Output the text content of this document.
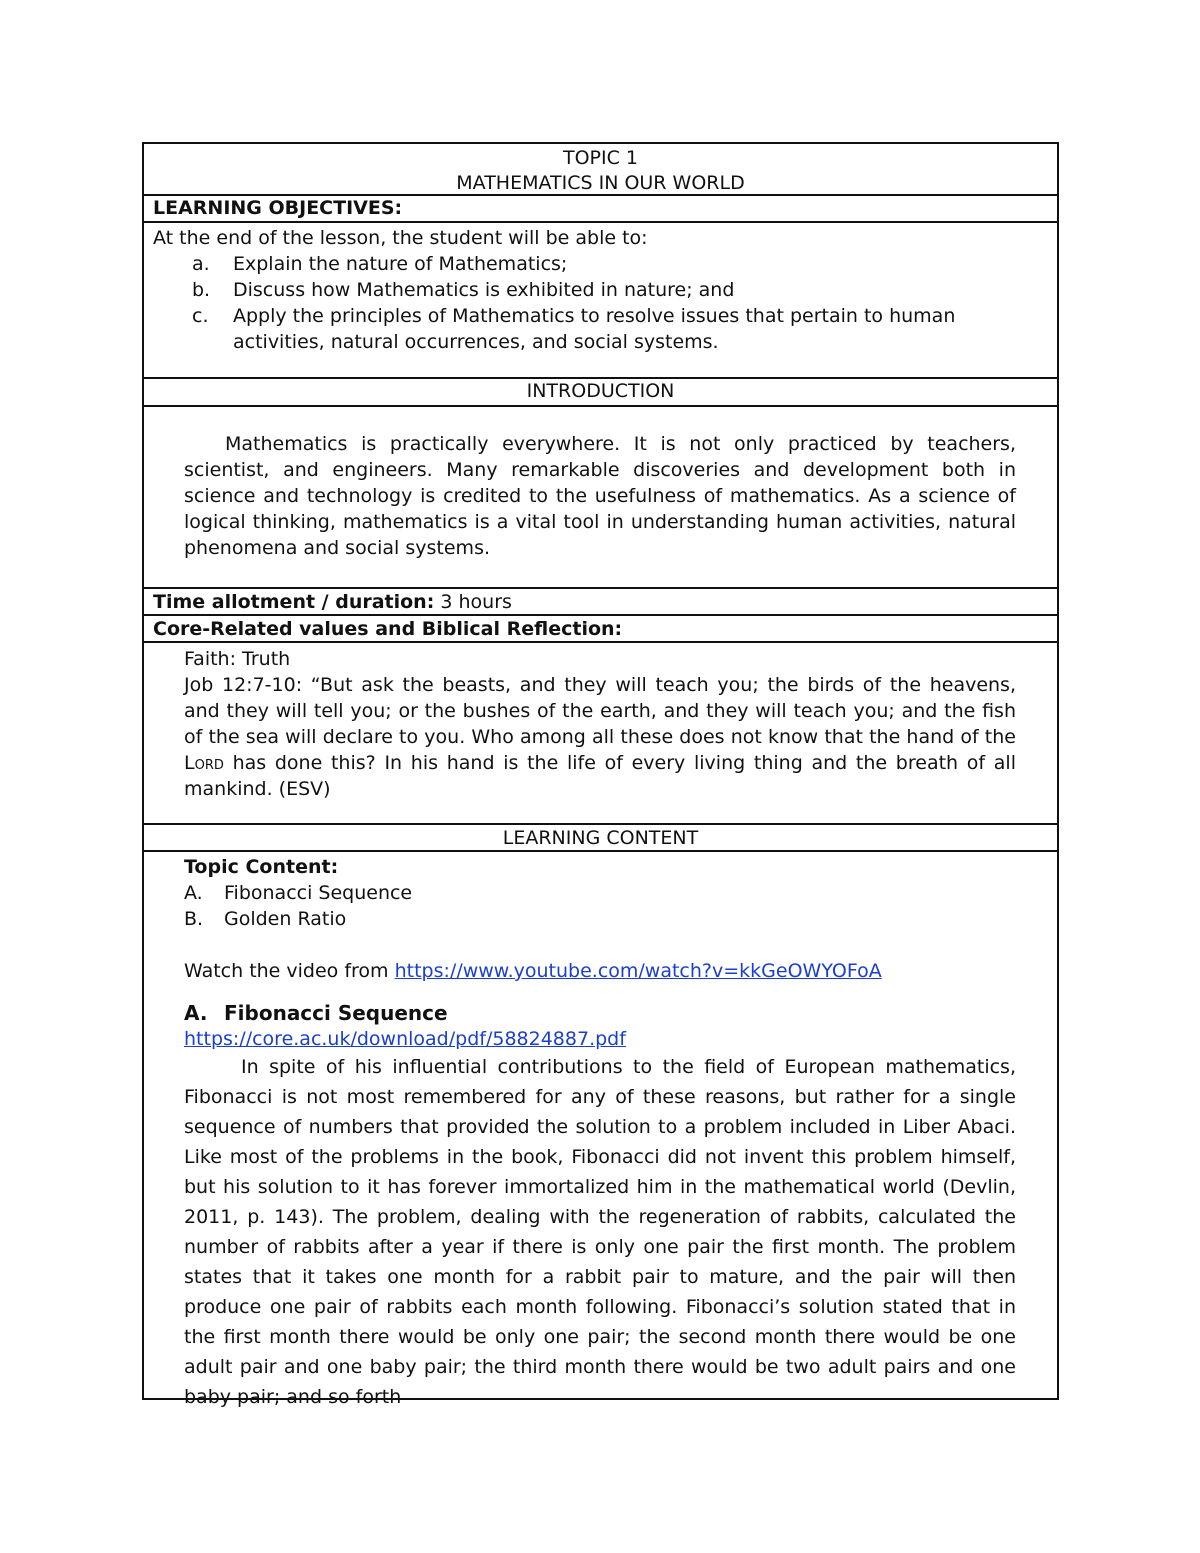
TOPIC 1
MATHEMATICS IN OUR WORLD
LEARNING OBJECTIVES:
At the end of the lesson, the student will be able to:
a. Explain the nature of Mathematics;
b. Discuss how Mathematics is exhibited in nature; and
c. Apply the principles of Mathematics to resolve issues that pertain to human activities, natural occurrences, and social systems.
INTRODUCTION

Mathematics is practically everywhere. It is not only practiced by teachers, scientist, and engineers. Many remarkable discoveries and development both in science and technology is credited to the usefulness of mathematics. As a science of logical thinking, mathematics is a vital tool in understanding human activities, natural phenomena and social systems.

Time allotment / duration: 3 hours
Core-Related values and Biblical Reflection:

Faith: Truth

Job 12:7-10: “But ask the beasts, and they will teach you; the birds of the heavens, and they will tell you; or the bushes of the earth, and they will teach you; and the fish of the sea will declare to you. Who among all these does not know that the hand of the Lord has done this? In his hand is the life of every living thing and the breath of all mankind. (ESV)

LEARNING CONTENT

Topic Content:

A. Fibonacci Sequence
B. Golden Ratio

Watch the video from https://www.youtube.com/watch?v=kkGeOWYOFoA

A. Fibonacci Sequence

https://core.ac.uk/download/pdf/58824887.pdf

In spite of his influential contributions to the field of European mathematics, Fibonacci is not most remembered for any of these reasons, but rather for a single sequence of numbers that provided the solution to a problem included in Liber Abaci. Like most of the problems in the book, Fibonacci did not invent this problem himself, but his solution to it has forever immortalized him in the mathematical world (Devlin, 2011, p. 143). The problem, dealing with the regeneration of rabbits, calculated the number of rabbits after a year if there is only one pair the first month. The problem states that it takes one month for a rabbit pair to mature, and the pair will then produce one pair of rabbits each month following. Fibonacci’s solution stated that in the first month there would be only one pair; the second month there would be one adult pair and one baby pair; the third month there would be two adult pairs and one baby pair; and so forth
